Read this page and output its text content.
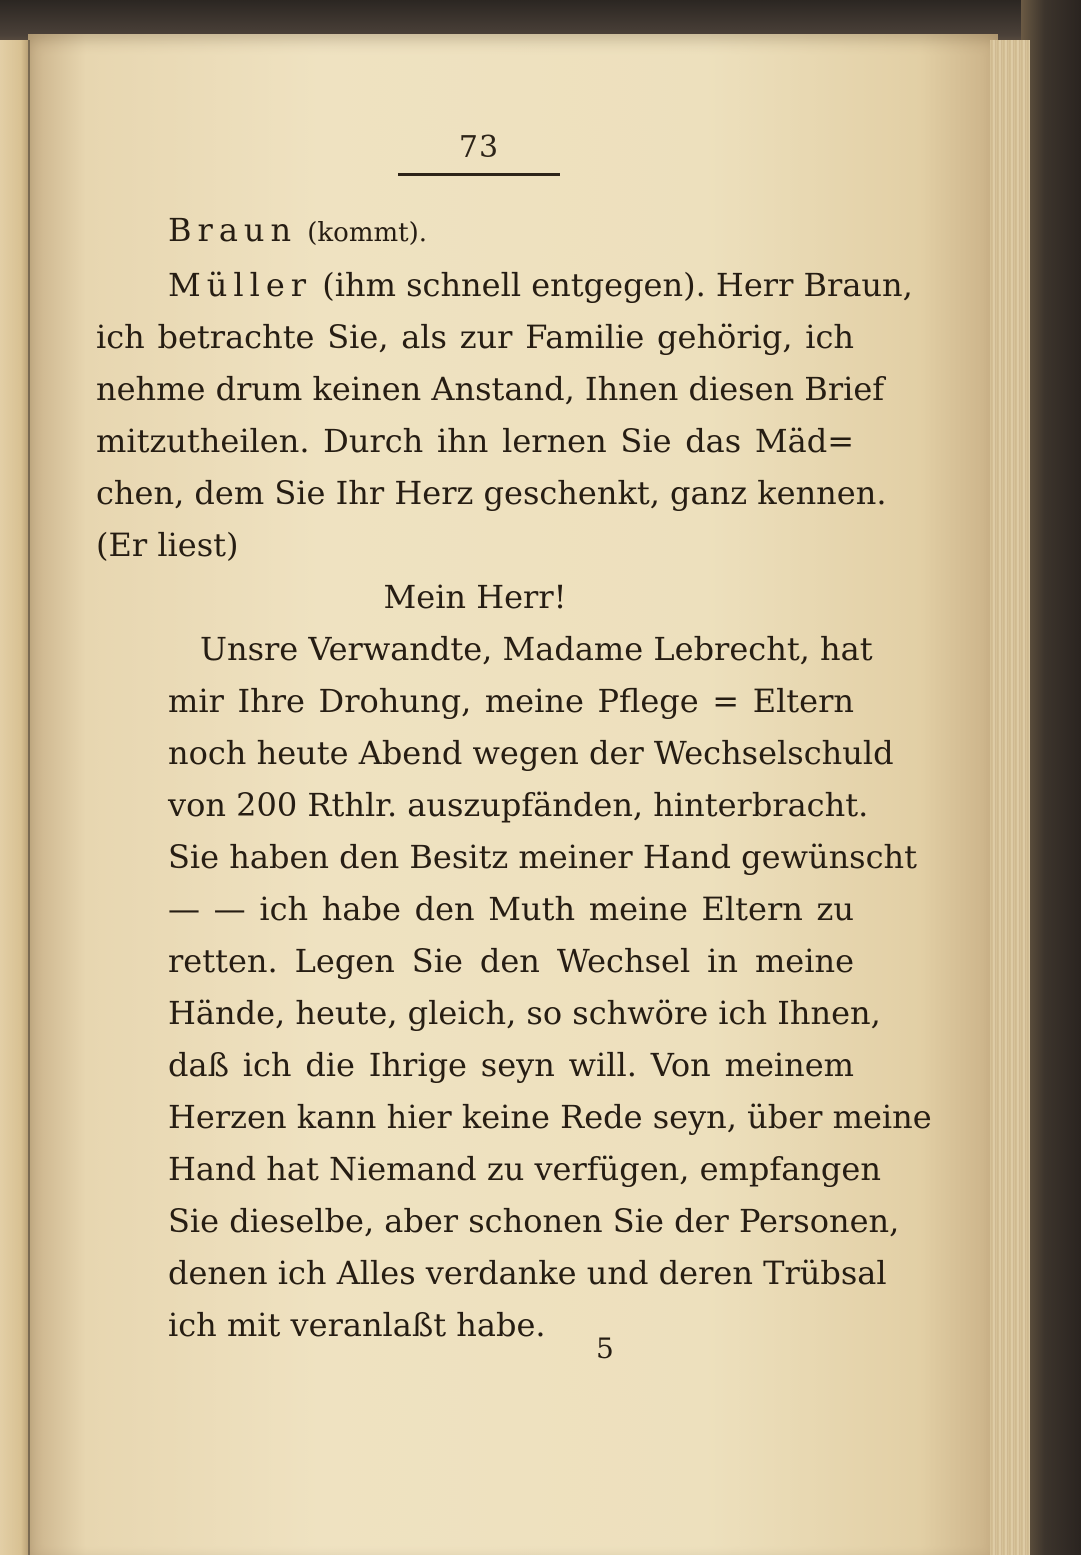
73
Braun (kommt).
Müller (ihm schnell entgegen). Herr Braun,
ich betrachte Sie, als zur Familie gehörig, ich
nehme drum keinen Anstand, Ihnen diesen Brief
mitzutheilen. Durch ihn lernen Sie das Mäd=
chen, dem Sie Ihr Herz geschenkt, ganz kennen.
(Er liest)
Mein Herr!
Unsre Verwandte, Madame Lebrecht, hat
mir Ihre Drohung, meine Pflege = Eltern
noch heute Abend wegen der Wechselschuld
von 200 Rthlr. auszupfänden, hinterbracht.
Sie haben den Besitz meiner Hand gewünscht
— — ich habe den Muth meine Eltern zu
retten. Legen Sie den Wechsel in meine
Hände, heute, gleich, so schwöre ich Ihnen,
daß ich die Ihrige seyn will. Von meinem
Herzen kann hier keine Rede seyn, über meine
Hand hat Niemand zu verfügen, empfangen
Sie dieselbe, aber schonen Sie der Personen,
denen ich Alles verdanke und deren Trübsal
ich mit veranlaßt habe.
5
